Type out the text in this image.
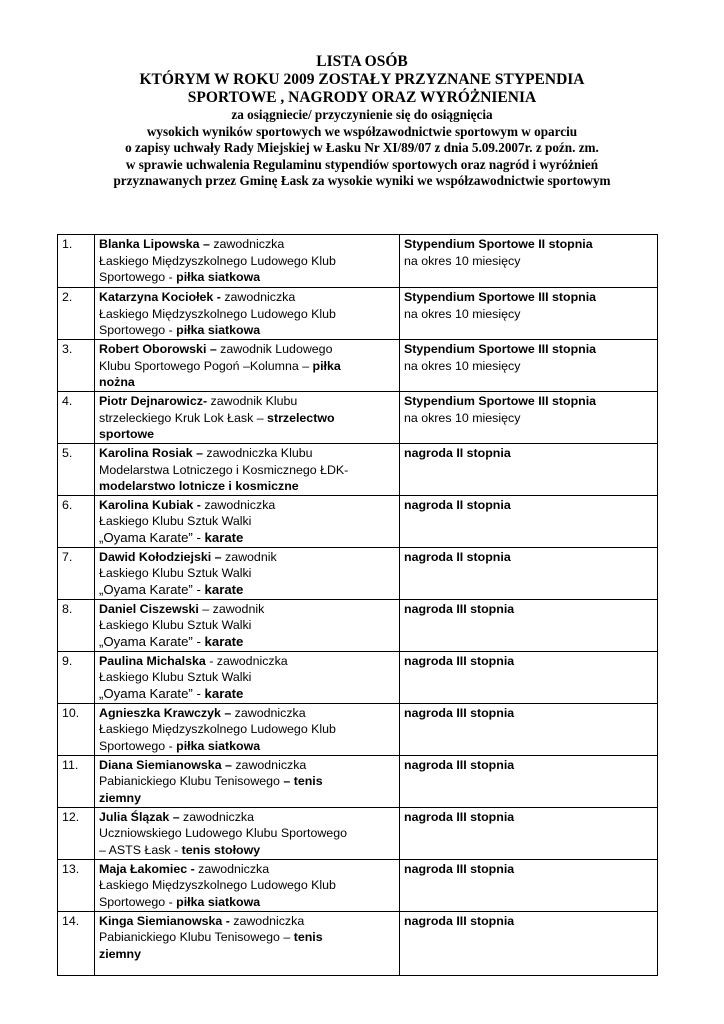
LISTA OSÓB
KTÓRYM W ROKU 2009 ZOSTAŁY PRZYZNANE STYPENDIA
SPORTOWE , NAGRODY ORAZ WYRÓŻNIENIA
za osiągniecie/ przyczynienie się do osiągnięcia
wysokich wyników sportowych we współzawodnictwie sportowym w oparciu
o zapisy uchwały Rady Miejskiej w Łasku Nr XI/89/07 z dnia 5.09.2007r. z poźn. zm.
w sprawie uchwalenia Regulaminu stypendiów sportowych oraz nagród i wyróżnień
przyznawanych przez Gminę Łask za wysokie wyniki we współzawodnictwie sportowym
1.	Blanka Lipowska – zawodniczka
Łaskiego Międzyszkolnego Ludowego Klub
Sportowego - piłka siatkowa	Stypendium Sportowe II stopnia
na okres 10 miesięcy
2.	Katarzyna Kociołek - zawodniczka
Łaskiego Międzyszkolnego Ludowego Klub
Sportowego - piłka siatkowa	Stypendium Sportowe III stopnia
na okres 10 miesięcy
3.	Robert Oborowski – zawodnik Ludowego
Klubu Sportowego Pogoń –Kolumna – piłka
nożna	Stypendium Sportowe III stopnia
na okres 10 miesięcy
4.	Piotr Dejnarowicz- zawodnik Klubu
strzeleckiego Kruk Lok Łask – strzelectwo
sportowe	Stypendium Sportowe III stopnia
na okres 10 miesięcy
5.	Karolina Rosiak – zawodniczka Klubu
Modelarstwa Lotniczego i Kosmicznego ŁDK-
modelarstwo lotnicze i kosmiczne	nagroda II stopnia
6.	Karolina Kubiak - zawodniczka
Łaskiego Klubu Sztuk Walki
„Oyama Karate” - karate	nagroda II stopnia
7.	Dawid Kołodziejski – zawodnik
Łaskiego Klubu Sztuk Walki
„Oyama Karate” - karate	nagroda II stopnia
8.	Daniel Ciszewski – zawodnik
Łaskiego Klubu Sztuk Walki
„Oyama Karate” - karate	nagroda III stopnia
9.	Paulina Michalska - zawodniczka
Łaskiego Klubu Sztuk Walki
„Oyama Karate” - karate	nagroda III stopnia
10.	Agnieszka Krawczyk – zawodniczka
Łaskiego Międzyszkolnego Ludowego Klub
Sportowego - piłka siatkowa	nagroda III stopnia
11.	Diana Siemianowska – zawodniczka
Pabianickiego Klubu Tenisowego – tenis
ziemny	nagroda III stopnia
12.	Julia Ślązak – zawodniczka
Uczniowskiego Ludowego Klubu Sportowego
– ASTS Łask - tenis stołowy	nagroda III stopnia
13.	Maja Łakomiec - zawodniczka
Łaskiego Międzyszkolnego Ludowego Klub
Sportowego - piłka siatkowa	nagroda III stopnia
14.	Kinga Siemianowska - zawodniczka
Pabianickiego Klubu Tenisowego – tenis
ziemny	nagroda III stopnia
